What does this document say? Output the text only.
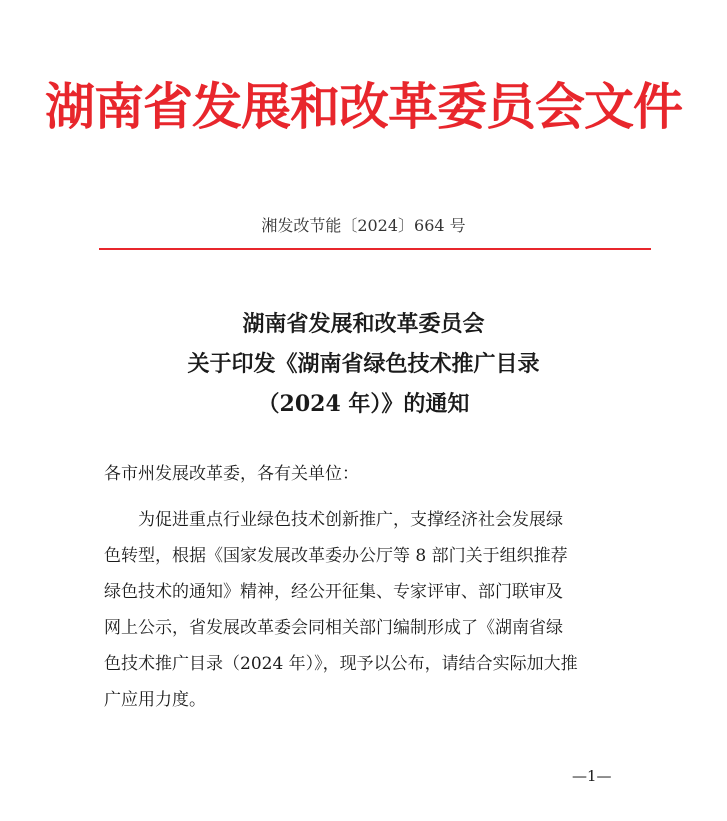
湖南省发展和改革委员会文件
湘发改节能〔2024〕664 号
湖南省发展和改革委员会
关于印发《湖南省绿色技术推广目录
（2024 年）》的通知
各市州发展改革委，各有关单位：
为促进重点行业绿色技术创新推广，支撑经济社会发展绿
色转型，根据《国家发展改革委办公厅等 8 部门关于组织推荐
绿色技术的通知》精神，经公开征集、专家评审、部门联审及
网上公示，省发展改革委会同相关部门编制形成了《湖南省绿
色技术推广目录（2024 年）》，现予以公布，请结合实际加大推
广应用力度。
—1—
